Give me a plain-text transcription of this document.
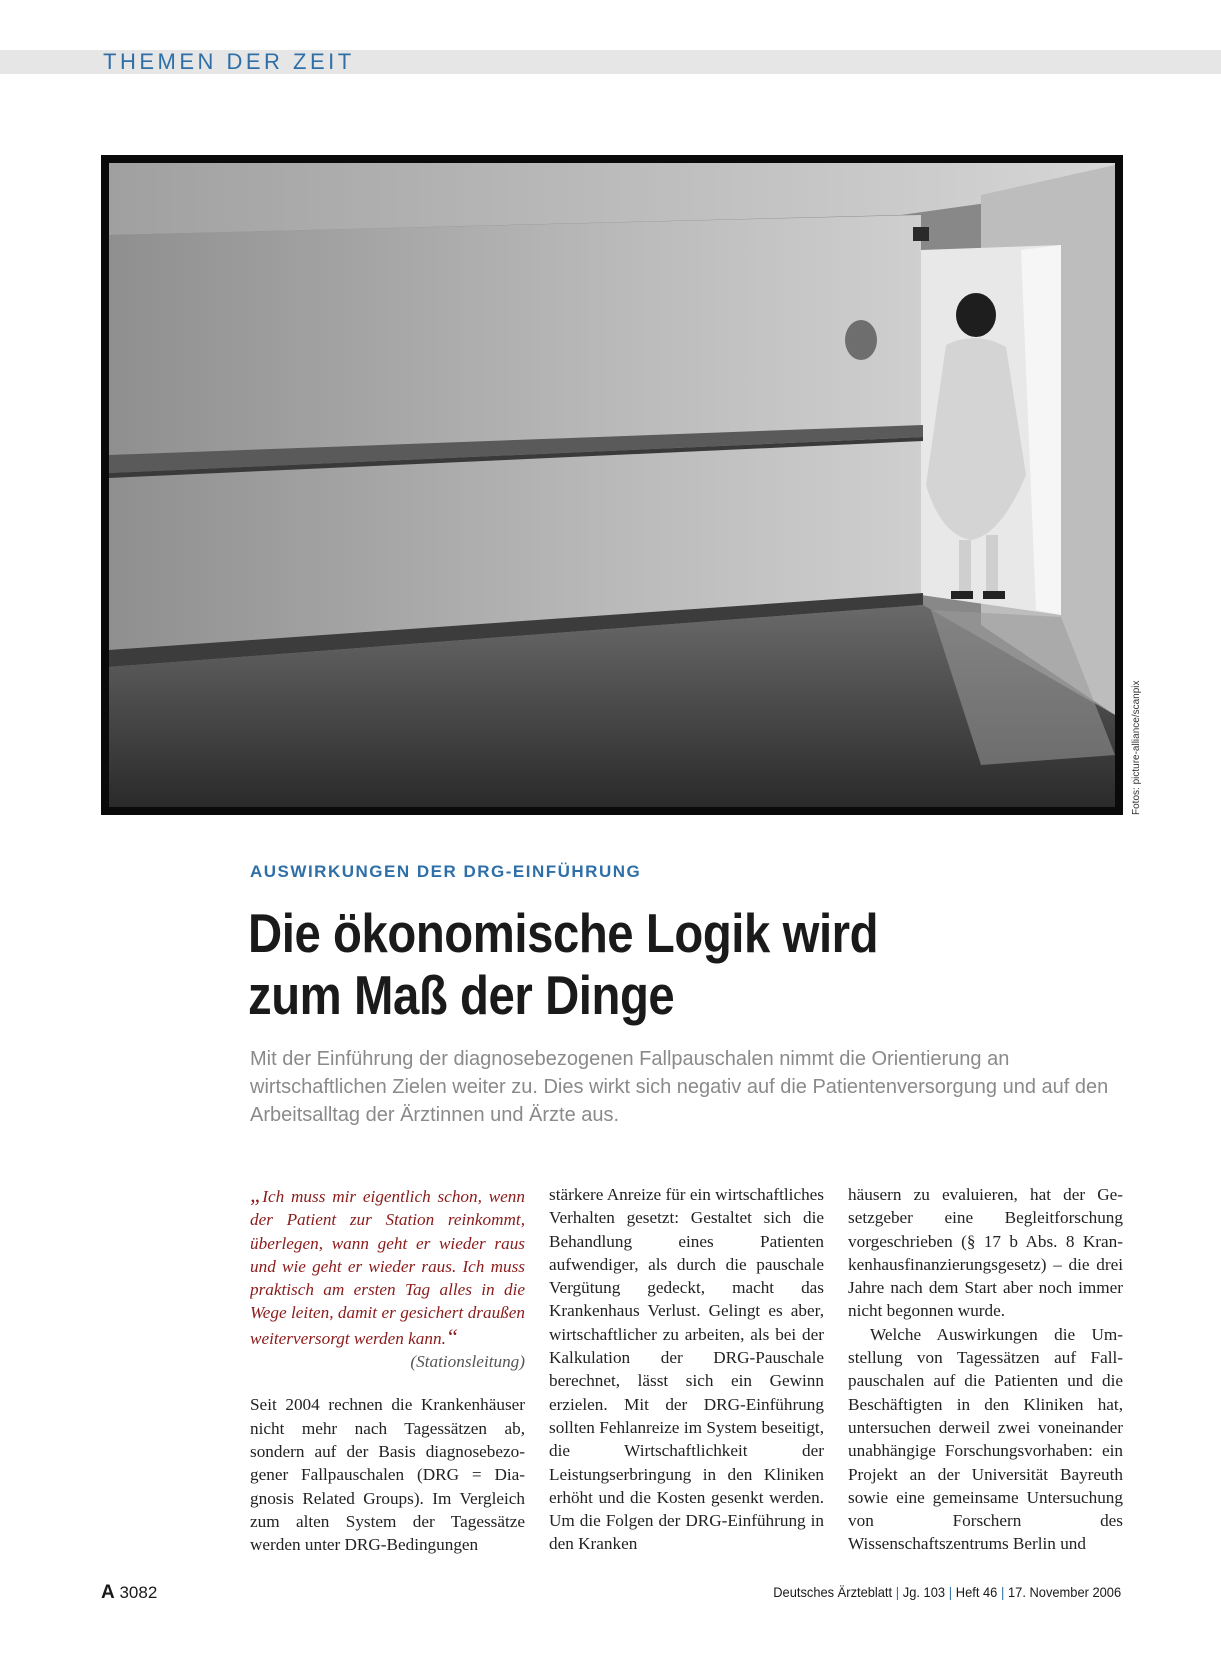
THEMEN DER ZEIT
Fotos: picture-alliance/scanpix
AUSWIRKUNGEN DER DRG-EINFÜHRUNG
Die ökonomische Logik wird
zum Maß der Dinge
Mit der Einführung der diagnosebezogenen Fallpauschalen nimmt die Orientierung an wirtschaftlichen Zielen weiter zu. Dies wirkt sich negativ auf die Patientenversorgung und auf den Arbeitsalltag der Ärztinnen und Ärzte aus.

„Ich muss mir eigentlich schon, wenn der Patient zur Station reinkommt, überlegen, wann geht er wieder raus und wie geht er wieder raus. Ich muss praktisch am ersten Tag alles in die Wege leiten, damit er gesichert draußen weiterversorgt werden kann.“

(Stationsleitung)

Seit 2004 rechnen die Krankenhäuser nicht mehr nach Tagessätzen ab, sondern auf der Basis diagnosebezogener Fallpauschalen (DRG = Diagnosis Related Groups). Im Vergleich zum alten System der Tagessätze werden unter DRG-Bedingungen

stärkere Anreize für ein wirtschaftliches Verhalten gesetzt: Gestaltet sich die Behandlung eines Patienten aufwendiger, als durch die pauschale Vergütung gedeckt, macht das Krankenhaus Verlust. Gelingt es aber, wirtschaftlicher zu arbeiten, als bei der Kalkulation der DRG-Pauschale berechnet, lässt sich ein Gewinn erzielen. Mit der DRG-Einführung sollten Fehlanreize im System beseitigt, die Wirtschaftlichkeit der Leistungserbringung in den Kliniken erhöht und die Kosten gesenkt werden. Um die Folgen der DRG-Einführung in den Kranken

häusern zu evaluieren, hat der Gesetzgeber eine Begleitforschung vorgeschrieben (§ 17 b Abs. 8 Krankenhausfinanzierungsgesetz) – die drei Jahre nach dem Start aber noch immer nicht begonnen wurde.

Welche Auswirkungen die Umstellung von Tagessätzen auf Fallpauschalen auf die Patienten und die Beschäftigten in den Kliniken hat, untersuchen derweil zwei voneinander unabhängige Forschungsvorhaben: ein Projekt an der Universität Bayreuth sowie eine gemeinsame Untersuchung von Forschern des Wissenschaftszentrums Berlin und

A 3082	Deutsches Ärzteblatt | Jg. 103 | Heft 46 | 17. November 2006
